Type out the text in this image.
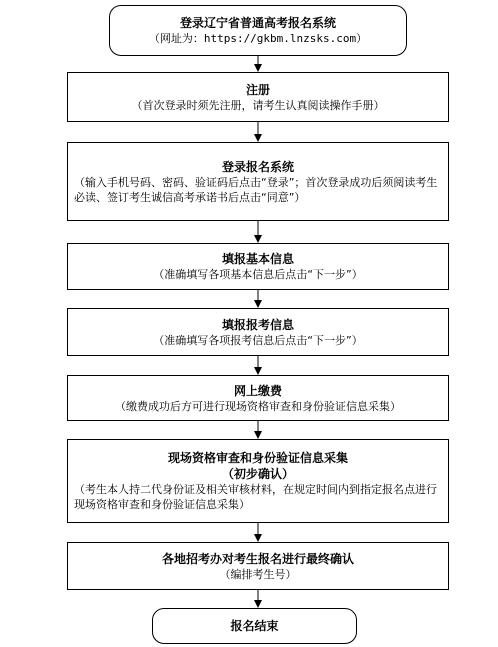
登录辽宁省普通高考报名系统
（网址为：https://gkbm.lnzsks.com）
注册
（首次登录时须先注册，请考生认真阅读操作手册）
登录报名系统
（输入手机号码、密码、验证码后点击“登录”；首次登录成功后须阅读考生必读、签订考生诚信高考承诺书后点击“同意”）
填报基本信息
（准确填写各项基本信息后点击“下一步”）
填报报考信息
（准确填写各项报考信息后点击“下一步”）
网上缴费
（缴费成功后方可进行现场资格审查和身份验证信息采集）
现场资格审查和身份验证信息采集
（初步确认）
（考生本人持二代身份证及相关审核材料，在规定时间内到指定报名点进行现场资格审查和身份验证信息采集）
各地招考办对考生报名进行最终确认
（编排考生号）
报名结束
